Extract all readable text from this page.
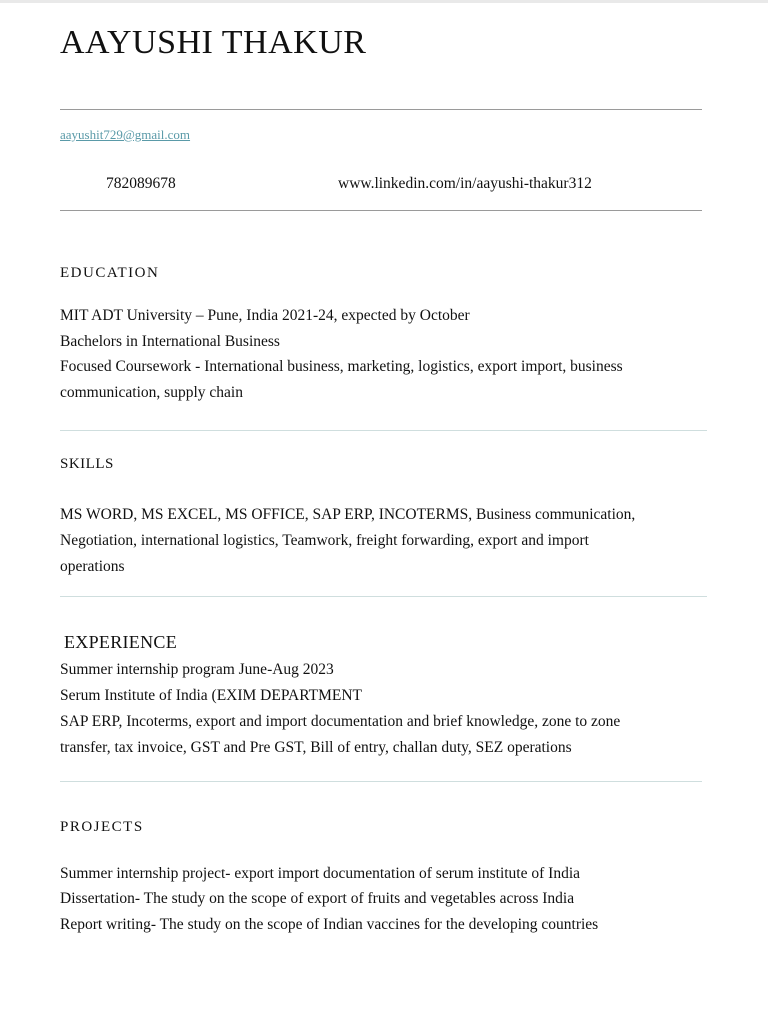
AAYUSHI THAKUR
aayushit729@gmail.com
782089678	www.linkedin.com/in/aayushi-thakur312
EDUCATION
MIT ADT University – Pune, India 2021-24, expected by October
Bachelors in International Business
Focused Coursework - International business, marketing, logistics, export import, business
communication, supply chain
SKILLS
MS WORD, MS EXCEL, MS OFFICE, SAP ERP, INCOTERMS, Business communication,
Negotiation, international logistics, Teamwork, freight forwarding, export and import
operations
EXPERIENCE
Summer internship program June-Aug 2023
Serum Institute of India (EXIM DEPARTMENT
SAP ERP, Incoterms, export and import documentation and brief knowledge, zone to zone
transfer, tax invoice, GST and Pre GST, Bill of entry, challan duty, SEZ operations
PROJECTS
Summer internship project- export import documentation of serum institute of India
Dissertation- The study on the scope of export of fruits and vegetables across India
Report writing- The study on the scope of Indian vaccines for the developing countries
